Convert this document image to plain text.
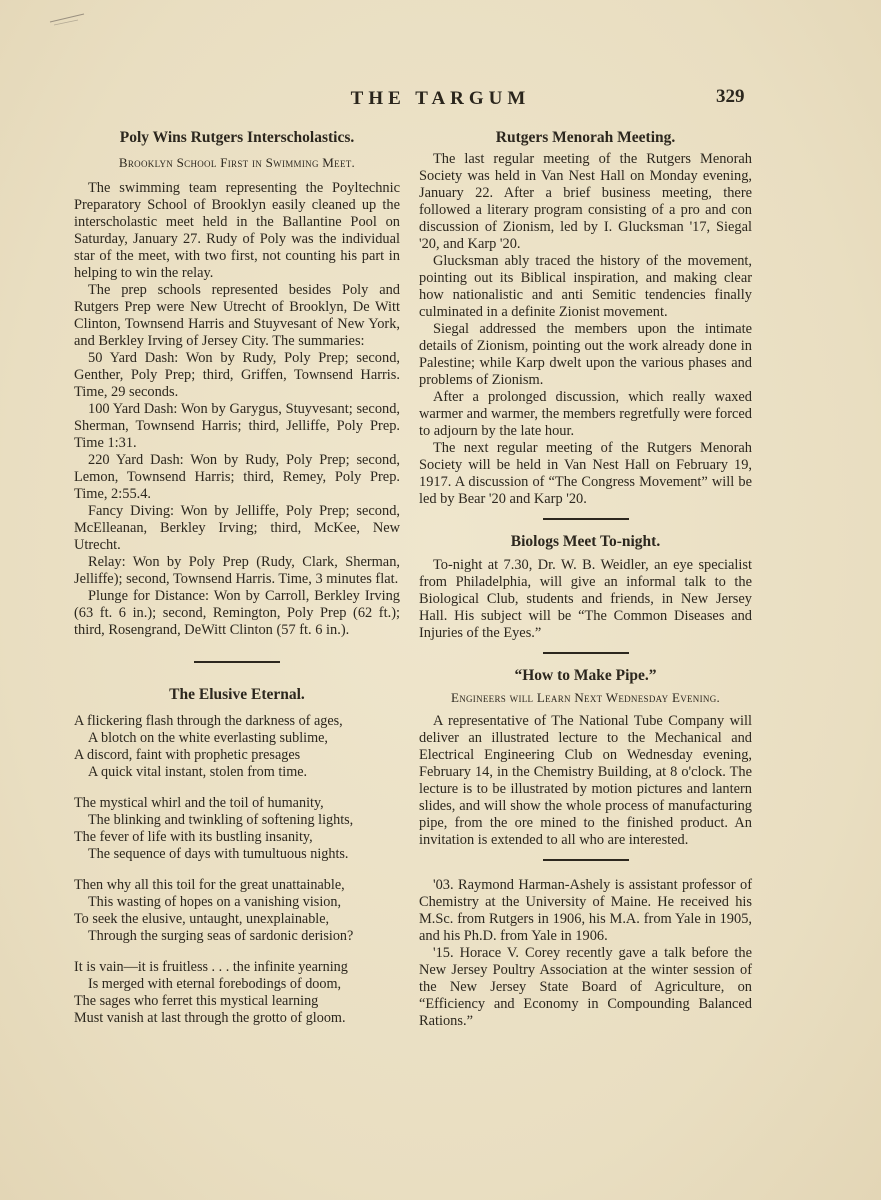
THE TARGUM	329
Poly Wins Rutgers Interscholastics.
Brooklyn School First in Swimming Meet.

The swimming team representing the Poyltechnic Preparatory School of Brooklyn easily cleaned up the interscholastic meet held in the Ballantine Pool on Saturday, January 27. Rudy of Poly was the individual star of the meet, with two first, not counting his part in helping to win the relay.

The prep schools represented besides Poly and Rutgers Prep were New Utrecht of Brooklyn, De Witt Clinton, Townsend Harris and Stuyvesant of New York, and Berkley Irving of Jersey City. The summaries:

50 Yard Dash: Won by Rudy, Poly Prep; second, Genther, Poly Prep; third, Griffen, Townsend Harris. Time, 29 seconds.

100 Yard Dash: Won by Garygus, Stuyvesant; second, Sherman, Townsend Harris; third, Jelliffe, Poly Prep. Time 1:31.

220 Yard Dash: Won by Rudy, Poly Prep; second, Lemon, Townsend Harris; third, Remey, Poly Prep. Time, 2:55.4.

Fancy Diving: Won by Jelliffe, Poly Prep; second, McElleanan, Berkley Irving; third, McKee, New Utrecht.

Relay: Won by Poly Prep (Rudy, Clark, Sherman, Jelliffe); second, Townsend Harris. Time, 3 minutes flat.

Plunge for Distance: Won by Carroll, Berkley Irving (63 ft. 6 in.); second, Remington, Poly Prep (62 ft.); third, Rosengrand, DeWitt Clinton (57 ft. 6 in.).

The Elusive Eternal.
A flickering flash through the darkness of ages,
A blotch on the white everlasting sublime,
A discord, faint with prophetic presages
A quick vital instant, stolen from time.
The mystical whirl and the toil of humanity,
The blinking and twinkling of softening lights,
The fever of life with its bustling insanity,
The sequence of days with tumultuous nights.
Then why all this toil for the great unattainable,
This wasting of hopes on a vanishing vision,
To seek the elusive, untaught, unexplainable,
Through the surging seas of sardonic derision?
It is vain—it is fruitless . . . the infinite yearning
Is merged with eternal forebodings of doom,
The sages who ferret this mystical learning
Must vanish at last through the grotto of gloom.
Rutgers Menorah Meeting.

The last regular meeting of the Rutgers Menorah Society was held in Van Nest Hall on Monday evening, January 22. After a brief business meeting, there followed a literary program consisting of a pro and con discussion of Zionism, led by I. Glucksman '17, Siegal '20, and Karp '20.

Glucksman ably traced the history of the movement, pointing out its Biblical inspiration, and making clear how nationalistic and anti Semitic tendencies finally culminated in a definite Zionist movement.

Siegal addressed the members upon the intimate details of Zionism, pointing out the work already done in Palestine; while Karp dwelt upon the various phases and problems of Zionism.

After a prolonged discussion, which really waxed warmer and warmer, the members regretfully were forced to adjourn by the late hour.

The next regular meeting of the Rutgers Menorah Society will be held in Van Nest Hall on February 19, 1917. A discussion of “The Congress Movement” will be led by Bear '20 and Karp '20.

Biologs Meet To-night.

To-night at 7.30, Dr. W. B. Weidler, an eye specialist from Philadelphia, will give an informal talk to the Biological Club, students and friends, in New Jersey Hall. His subject will be “The Common Diseases and Injuries of the Eyes.”

“How to Make Pipe.”
Engineers will Learn Next Wednesday Evening.

A representative of The National Tube Company will deliver an illustrated lecture to the Mechanical and Electrical Engineering Club on Wednesday evening, February 14, in the Chemistry Building, at 8 o'clock. The lecture is to be illustrated by motion pictures and lantern slides, and will show the whole process of manufacturing pipe, from the ore mined to the finished product. An invitation is extended to all who are interested.

'03. Raymond Harman-Ashely is assistant professor of Chemistry at the University of Maine. He received his M.Sc. from Rutgers in 1906, his M.A. from Yale in 1905, and his Ph.D. from Yale in 1906.

'15. Horace V. Corey recently gave a talk before the New Jersey Poultry Association at the winter session of the New Jersey State Board of Agriculture, on “Efficiency and Economy in Compounding Balanced Rations.”
